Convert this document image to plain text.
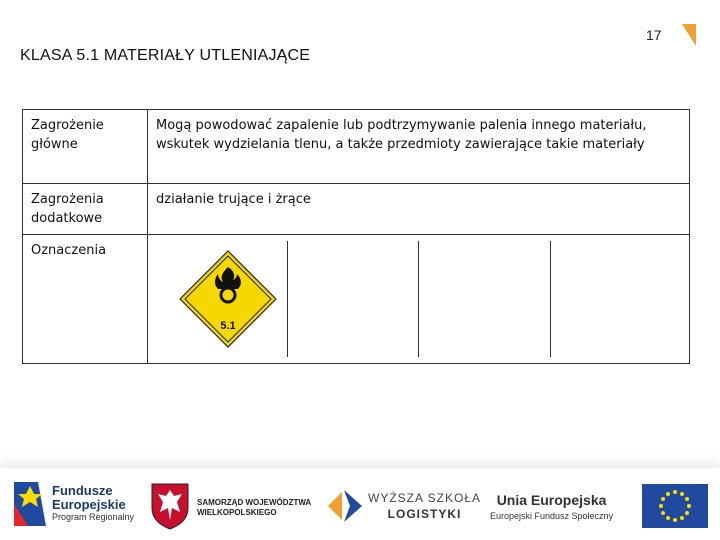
17
KLASA 5.1 MATERIAŁY UTLENIAJĄCE
Zagrożenie główne	Mogą powodować zapalenie lub podtrzymywanie palenia innego materiału, wskutek wydzielania tlenu, a także przedmioty zawierające takie materiały
Zagrożenia dodatkowe	działanie trujące i żrące
Oznaczenia	5.1
Fundusze
Europejskie
Program Regionalny
SAMORZĄD WOJEWÓDZTWA
WIELKOPOLSKIEGO
WYŻSZA SZKOŁA
LOGISTYKI
Unia Europejska
Europejski Fundusz Społeczny
